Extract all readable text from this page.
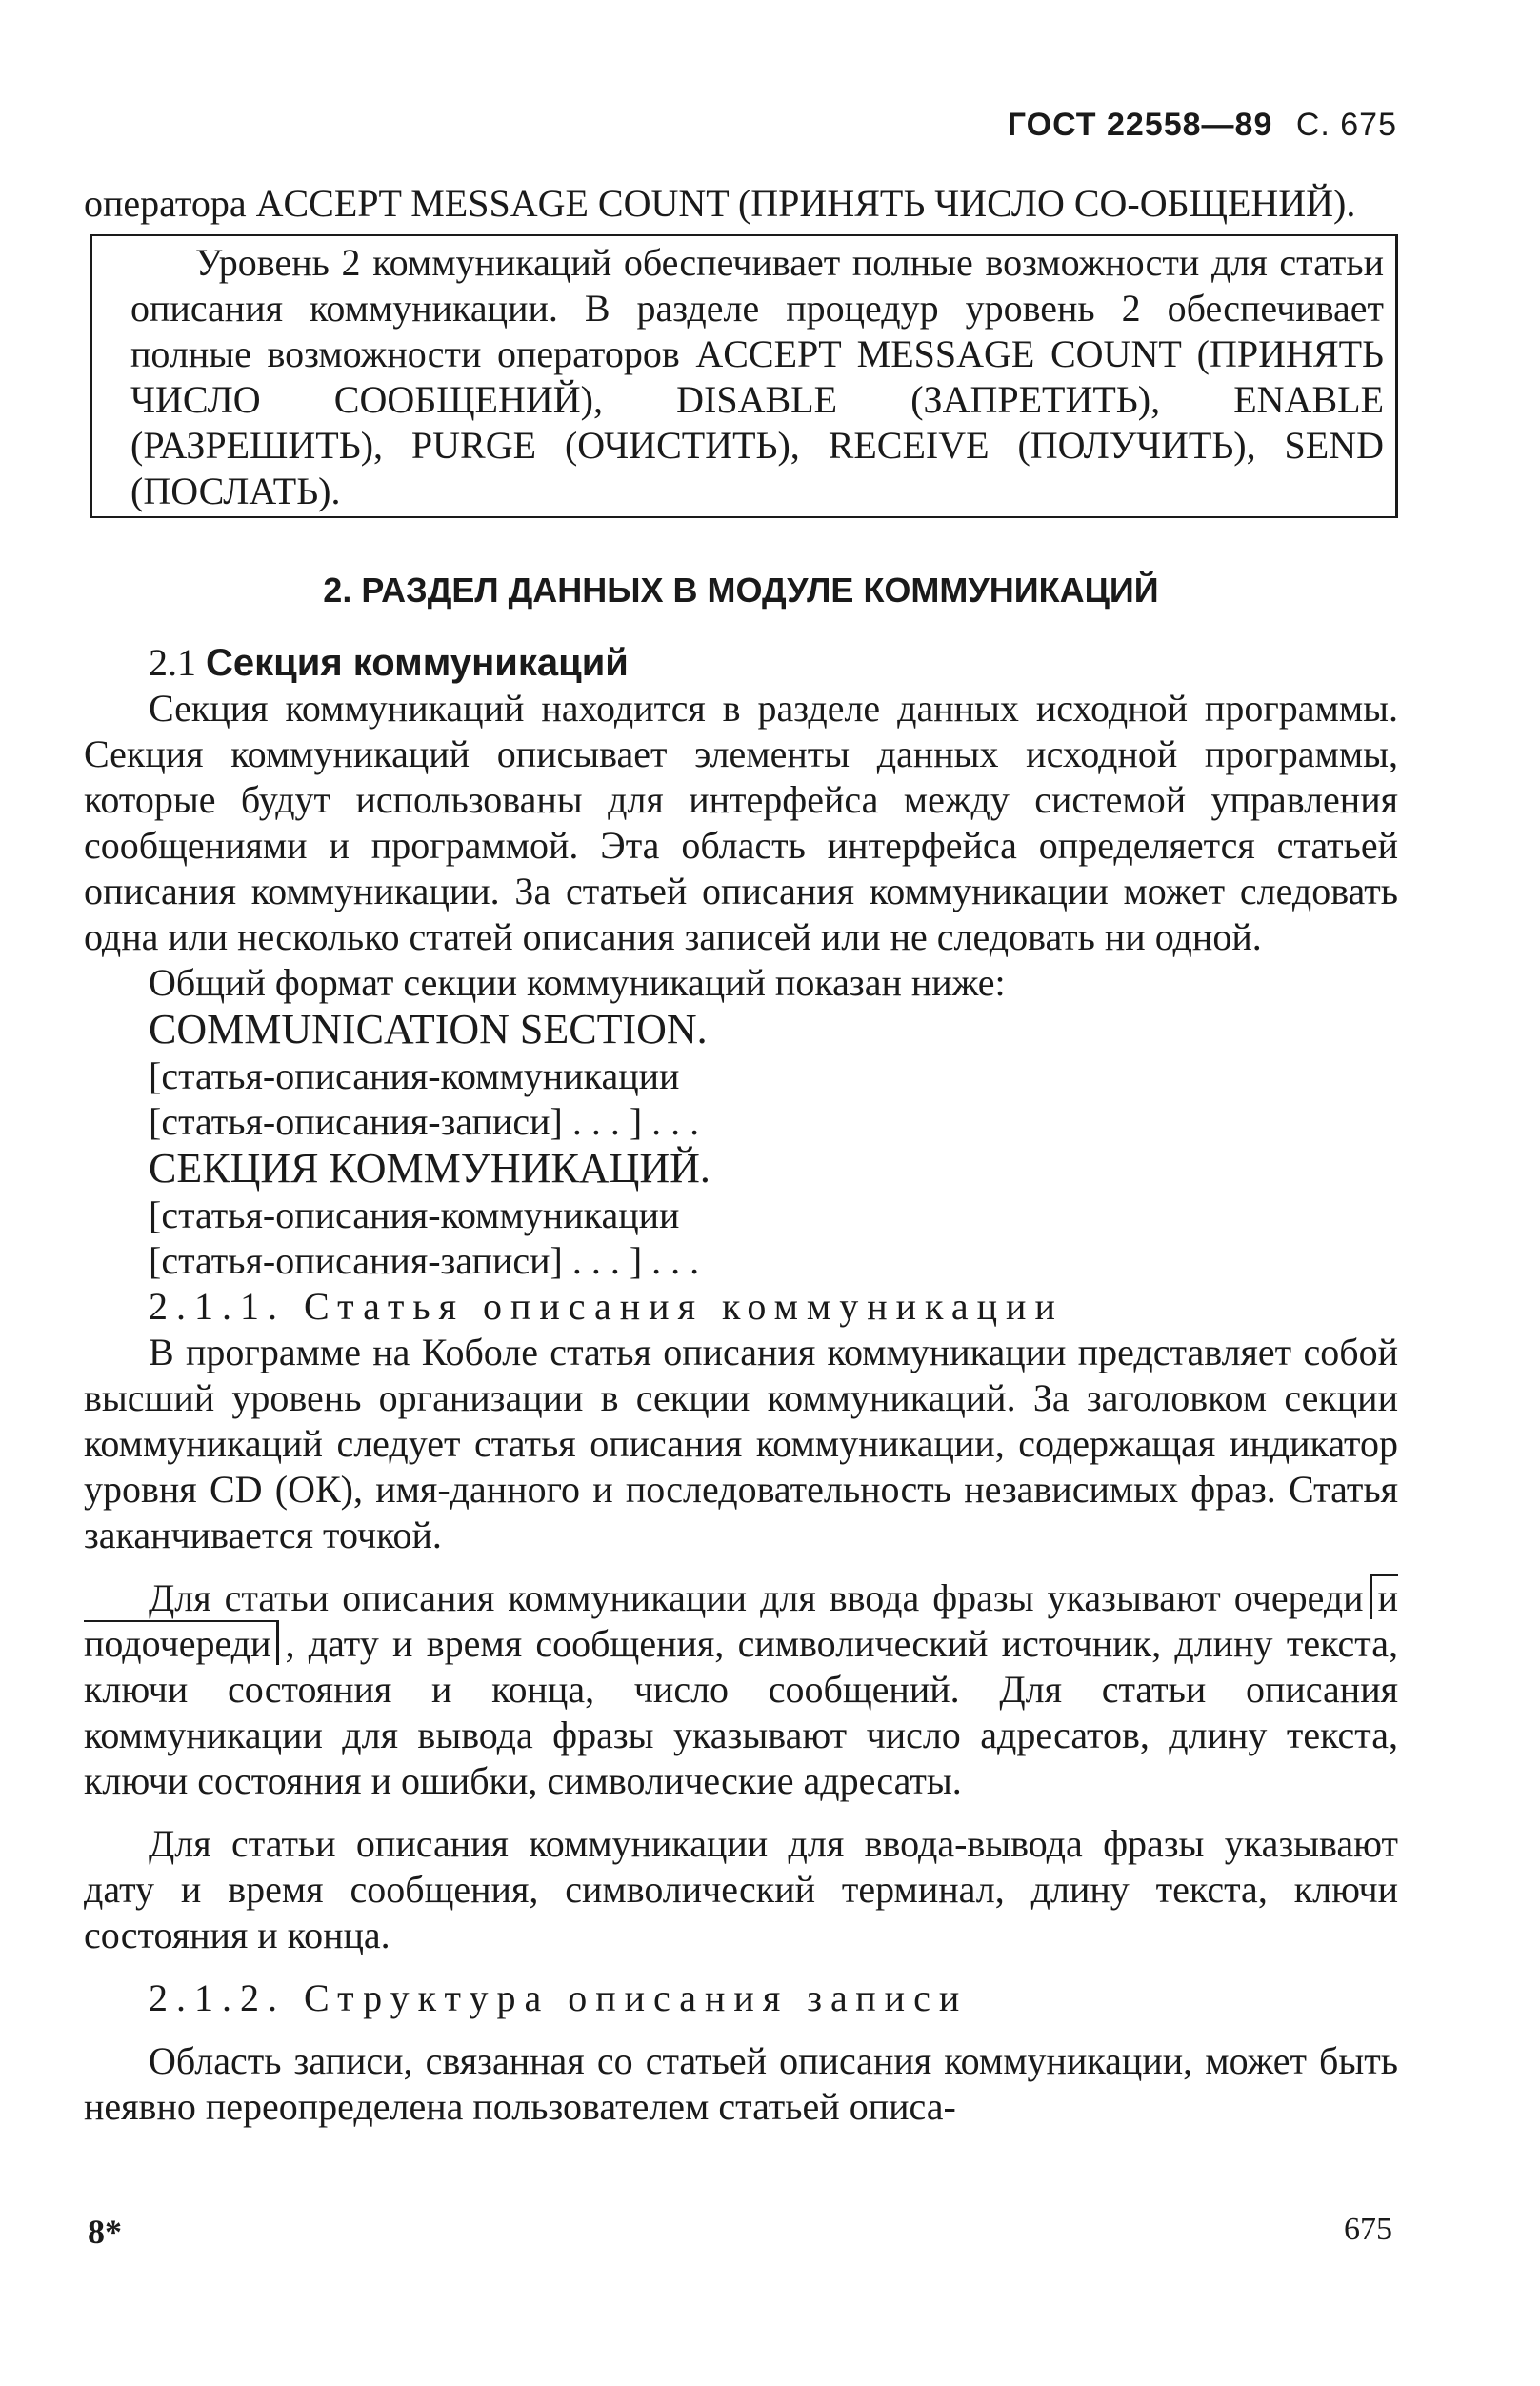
ГОСТ 22558—89 С. 675

оператора ACCEPT MESSAGE COUNT (ПРИНЯТЬ ЧИСЛО СО-ОБЩЕНИЙ).

Уровень 2 коммуникаций обеспечивает полные возможности для статьи описания коммуникации. В разделе процедур уровень 2 обеспечивает полные возможности операторов ACCEPT MESSAGE COUNT (ПРИНЯТЬ ЧИСЛО СООБЩЕНИЙ), DISABLE (ЗАПРЕТИТЬ), ENABLE (РАЗРЕШИТЬ), PURGE (ОЧИСТИТЬ), RECEIVE (ПОЛУЧИТЬ), SEND (ПОСЛАТЬ).

2. РАЗДЕЛ ДАННЫХ В МОДУЛЕ КОММУНИКАЦИЙ

2.1 Секция коммуникаций

Секция коммуникаций находится в разделе данных исходной программы. Секция коммуникаций описывает элементы данных исходной программы, которые будут использованы для интерфейса между системой управления сообщениями и программой. Эта область интерфейса определяется статьей описания коммуникации. За статьей описания коммуникации может следовать одна или несколько статей описания записей или не следовать ни одной.

Общий формат секции коммуникаций показан ниже:

COMMUNICATION SECTION.

[статья-описания-коммуникации

[статья-описания-записи] . . . ] . . .

СЕКЦИЯ КОММУНИКАЦИЙ.

[статья-описания-коммуникации

[статья-описания-записи] . . . ] . . .

2.1.1. Статья описания коммуникации

В программе на Коболе статья описания коммуникации представляет собой высший уровень организации в секции коммуникаций. За заголовком секции коммуникаций следует статья описания коммуникации, содержащая индикатор уровня CD (ОК), имя-данного и последовательность независимых фраз. Статья заканчивается точкой.

Для статьи описания коммуникации для ввода фразы указывают очереди и подочереди , дату и время сообщения, символический источник, длину текста, ключи состояния и конца, число сообщений. Для статьи описания коммуникации для вывода фразы указывают число адресатов, длину текста, ключи состояния и ошибки, символические адресаты.

Для статьи описания коммуникации для ввода-вывода фразы указывают дату и время сообщения, символический терминал, длину текста, ключи состояния и конца.

2.1.2. Структура описания записи

Область записи, связанная со статьей описания коммуникации, может быть неявно переопределена пользователем статьей описа-

8*	675
